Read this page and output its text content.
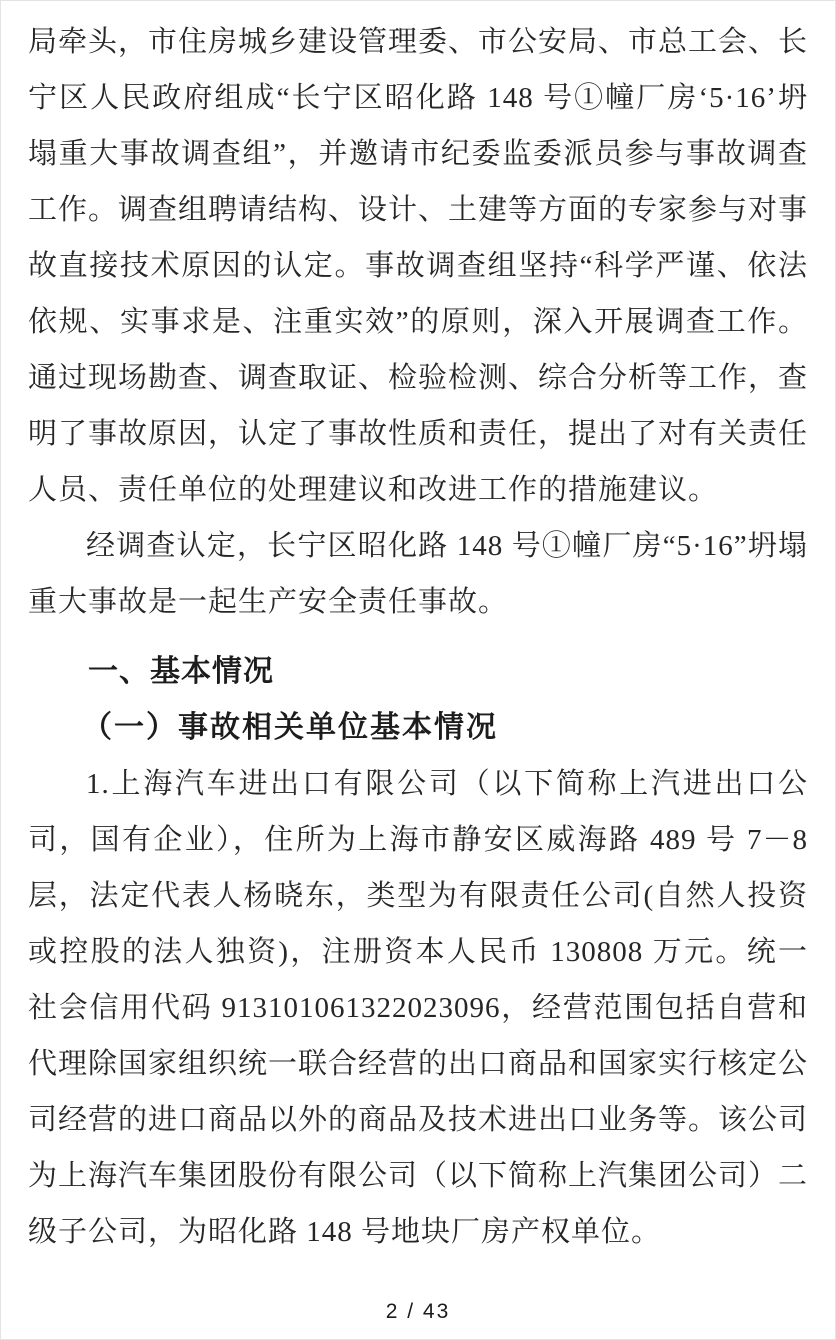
局牵头，市住房城乡建设管理委、市公安局、市总工会、长宁区人民政府组成“长宁区昭化路 148 号①幢厂房‘5·16’坍塌重大事故调查组”，并邀请市纪委监委派员参与事故调查工作。调查组聘请结构、设计、土建等方面的专家参与对事故直接技术原因的认定。事故调查组坚持“科学严谨、依法依规、实事求是、注重实效”的原则，深入开展调查工作。通过现场勘查、调查取证、检验检测、综合分析等工作，查明了事故原因，认定了事故性质和责任，提出了对有关责任人员、责任单位的处理建议和改进工作的措施建议。

经调查认定，长宁区昭化路 148 号①幢厂房“5·16”坍塌重大事故是一起生产安全责任事故。

一、基本情况
（一）事故相关单位基本情况

1.上海汽车进出口有限公司（以下简称上汽进出口公司，国有企业），住所为上海市静安区威海路 489 号 7－8 层，法定代表人杨晓东，类型为有限责任公司(自然人投资或控股的法人独资)，注册资本人民币 130808 万元。统一社会信用代码 913101061322023096，经营范围包括自营和代理除国家组织统一联合经营的出口商品和国家实行核定公司经营的进口商品以外的商品及技术进出口业务等。该公司为上海汽车集团股份有限公司（以下简称上汽集团公司）二级子公司，为昭化路 148 号地块厂房产权单位。

2 / 43
